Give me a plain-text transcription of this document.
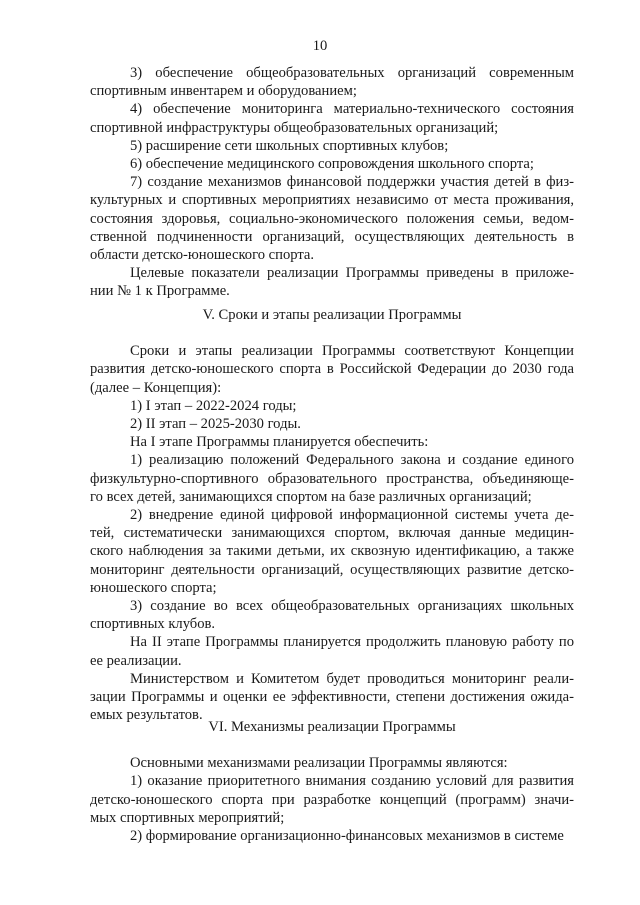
10
3) обеспечение общеобразовательных организаций современным
спортивным инвентарем и оборудованием;
4) обеспечение мониторинга материально-технического состояния
спортивной инфраструктуры общеобразовательных организаций;
5) расширение сети школьных спортивных клубов;
6) обеспечение медицинского сопровождения школьного спорта;
7) создание механизмов финансовой поддержки участия детей в физ-
культурных и спортивных мероприятиях независимо от места проживания,
состояния здоровья, социально-экономического положения семьи, ведом-
ственной подчиненности организаций, осуществляющих деятельность в
области детско-юношеского спорта.
Целевые показатели реализации Программы приведены в приложе-
нии № 1 к Программе.
V. Сроки и этапы реализации Программы
Сроки и этапы реализации Программы соответствуют Концепции
развития детско-юношеского спорта в Российской Федерации до 2030 года
(далее – Концепция):
1) I этап – 2022-2024 годы;
2) II этап – 2025-2030 годы.
На I этапе Программы планируется обеспечить:
1) реализацию положений Федерального закона и создание единого
физкультурно-спортивного образовательного пространства, объединяюще-
го всех детей, занимающихся спортом на базе различных организаций;
2) внедрение единой цифровой информационной системы учета де-
тей, систематически занимающихся спортом, включая данные медицин-
ского наблюдения за такими детьми, их сквозную идентификацию, а также
мониторинг деятельности организаций, осуществляющих развитие детско-
юношеского спорта;
3) создание во всех общеобразовательных организациях школьных
спортивных клубов.
На II этапе Программы планируется продолжить плановую работу по
ее реализации.
Министерством и Комитетом будет проводиться мониторинг реали-
зации Программы и оценки ее эффективности, степени достижения ожида-
емых результатов.
VI. Механизмы реализации Программы
Основными механизмами реализации Программы являются:
1) оказание приоритетного внимания созданию условий для развития
детско-юношеского спорта при разработке концепций (программ) значи-
мых спортивных мероприятий;
2) формирование организационно-финансовых механизмов в системе
